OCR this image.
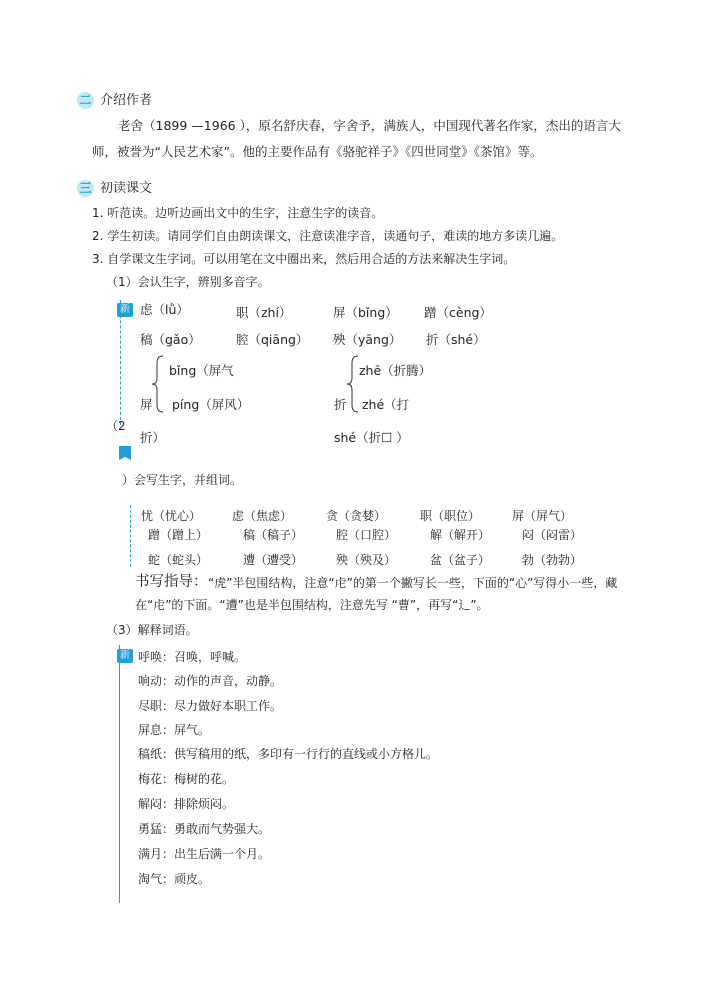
二 介绍作者
老舍（1899 —1966 ），原名舒庆春，字舍予，满族人，中国现代著名作家，杰出的语言大
师，被誉为“人民艺术家”。他的主要作品有《骆驼祥子》《四世同堂》《茶馆》等。
三 初读课文
1. 听范读。边听边画出文中的生字，注意生字的读音。
2. 学生初读。请同学们自由朗读课文，注意读准字音，读通句子，难读的地方多读几遍。
3. 自学课文生字词。可以用笔在文中圈出来，然后用合适的方法来解决生字词。
（1）会认生字，辨别多音字。
新 虑（lǜ）	职（zhí）	屏（bǐng） 蹭（cèng）
稿（gǎo）	腔（qiāng） 殃（yāng） 折（shé）
bǐng（屏气
屏 píng（屏风）
zhē（折腾）
折 zhé（打
（2
折）	shé（折☐ ）
）会写生字，并组词。
忧（忧心）	虑（焦虑）	贪（贪婪）	职（职位）	屏（屏气）
蹭（蹭上）	稿（稿子）	腔（口腔）	解（解开）	闷（闷雷）
蛇（蛇头）	遭（遭受）	殃（殃及）	盆（盆子）	勃（勃勃）
书写指导： “虎”半包围结构，注意“虍”的第一个撇写长一些，下面的“心”写得小一些，藏
在“虍”的下面。“遭”也是半包围结构，注意先写 “曹”，再写“辶”。
（3）解释词语。
新 呼唤：召唤，呼喊。
响动：动作的声音，动静。
尽职：尽力做好本职工作。
屏息：屏气。
稿纸：供写稿用的纸，多印有一行行的直线或小方格儿。
梅花：梅树的花。
解闷：排除烦闷。
勇猛：勇敢而气势强大。
满月：出生后满一个月。
淘气：顽皮。
